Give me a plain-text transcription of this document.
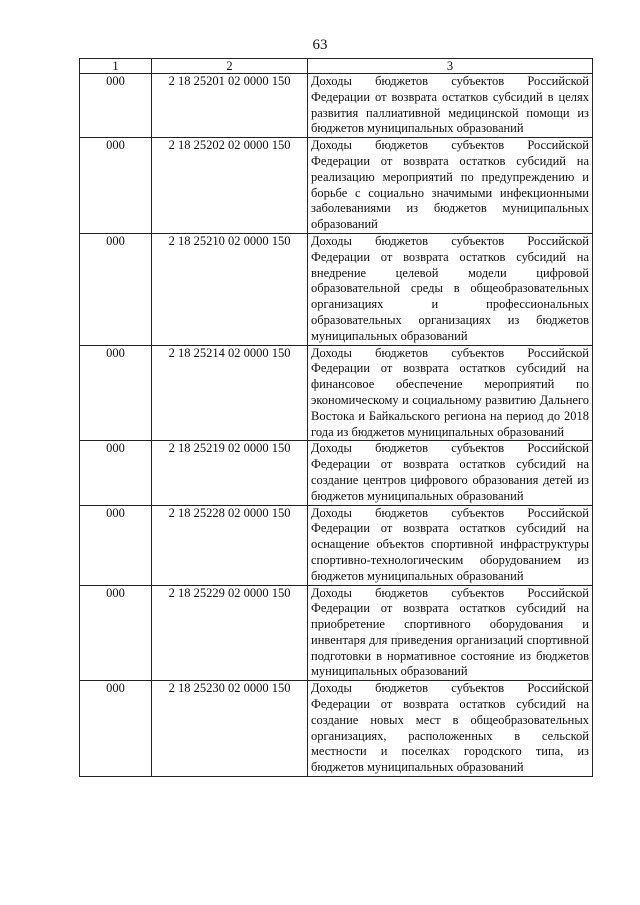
63
1	2	3
000	2 18 25201 02 0000 150	Доходы бюджетов субъектов Российской Федерации от возврата остатков субсидий в целях развития паллиативной медицинской помощи из бюджетов муниципальных образований
000	2 18 25202 02 0000 150	Доходы бюджетов субъектов Российской Федерации от возврата остатков субсидий на реализацию мероприятий по предупреждению и борьбе с социально значимыми инфекционными заболеваниями из бюджетов муниципальных образований
000	2 18 25210 02 0000 150	Доходы бюджетов субъектов Российской Федерации от возврата остатков субсидий на внедрение целевой модели цифровой образовательной среды в общеобразовательных организациях и профессиональных образовательных организациях из бюджетов муниципальных образований
000	2 18 25214 02 0000 150	Доходы бюджетов субъектов Российской Федерации от возврата остатков субсидий на финансовое обеспечение мероприятий по экономическому и социальному развитию Дальнего Востока и Байкальского региона на период до 2018 года из бюджетов муниципальных образований
000	2 18 25219 02 0000 150	Доходы бюджетов субъектов Российской Федерации от возврата остатков субсидий на создание центров цифрового образования детей из бюджетов муниципальных образований
000	2 18 25228 02 0000 150	Доходы бюджетов субъектов Российской Федерации от возврата остатков субсидий на оснащение объектов спортивной инфраструктуры спортивно-технологическим оборудованием из бюджетов муниципальных образований
000	2 18 25229 02 0000 150	Доходы бюджетов субъектов Российской Федерации от возврата остатков субсидий на приобретение спортивного оборудования и инвентаря для приведения организаций спортивной подготовки в нормативное состояние из бюджетов муниципальных образований
000	2 18 25230 02 0000 150	Доходы бюджетов субъектов Российской Федерации от возврата остатков субсидий на создание новых мест в общеобразовательных организациях, расположенных в сельской местности и поселках городского типа, из бюджетов муниципальных образований
